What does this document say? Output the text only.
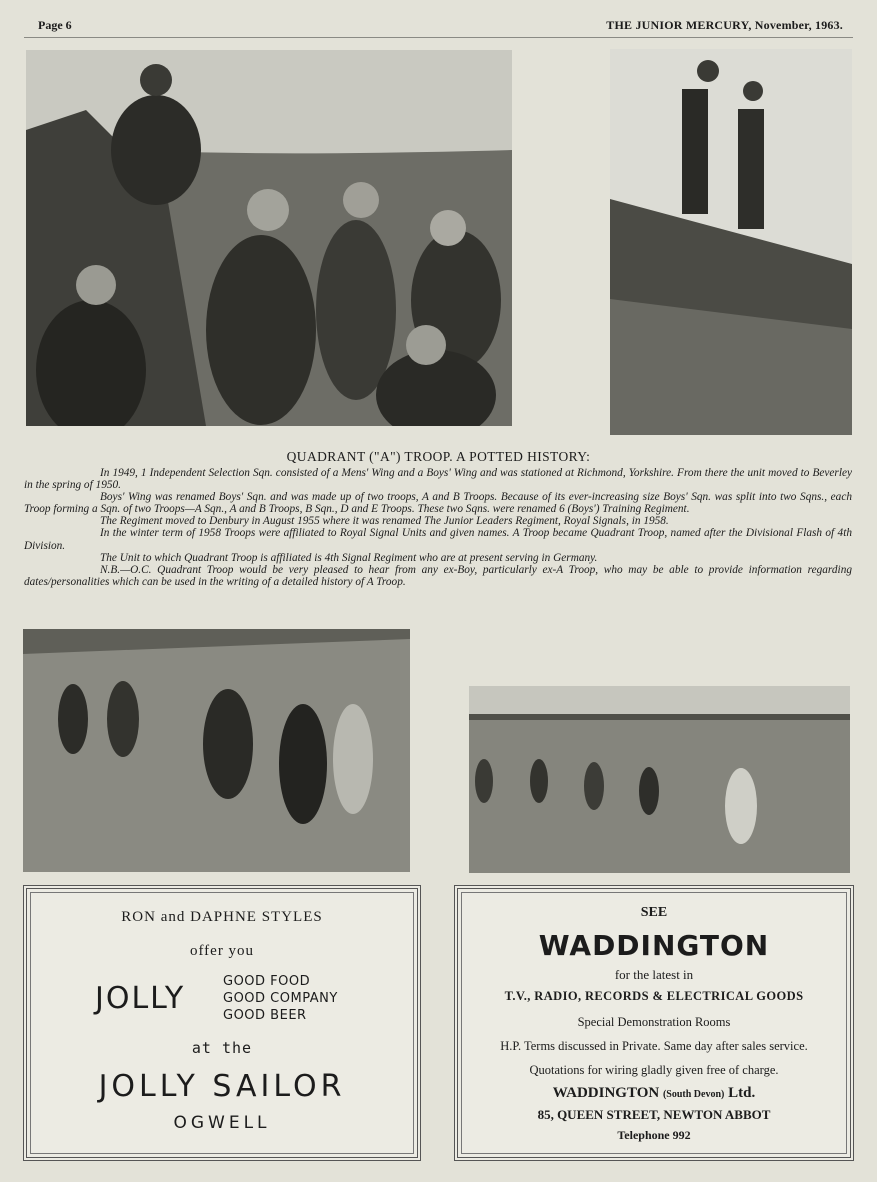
Page 6	THE JUNIOR MERCURY, November, 1963.
QUADRANT ("A") TROOP. A POTTED HISTORY:

In 1949, 1 Independent Selection Sqn. consisted of a Mens' Wing and a Boys' Wing and was stationed at Richmond, Yorkshire. From there the unit moved to Beverley in the spring of 1950.

Boys' Wing was renamed Boys' Sqn. and was made up of two troops, A and B Troops. Because of its ever-increasing size Boys' Sqn. was split into two Sqns., each Troop forming a Sqn. of two Troops—A Sqn., A and B Troops, B Sqn., D and E Troops. These two Sqns. were renamed 6 (Boys') Training Regiment.

The Regiment moved to Denbury in August 1955 where it was renamed The Junior Leaders Regiment, Royal Signals, in 1958.

In the winter term of 1958 Troops were affiliated to Royal Signal Units and given names. A Troop became Quadrant Troop, named after the Divisional Flash of 4th Division.

The Unit to which Quadrant Troop is affiliated is 4th Signal Regiment who are at present serving in Germany.

N.B.—O.C. Quadrant Troop would be very pleased to hear from any ex-Boy, particularly ex-A Troop, who may be able to provide information regarding dates/personalities which can be used in the writing of a detailed history of A Troop.

RON and DAPHNE STYLES
offer you
JOLLY	GOOD FOOD
GOOD COMPANY
GOOD BEER
at the
JOLLY SAILOR
OGWELL
SEE
WADDINGTON
for the latest in
T.V., RADIO, RECORDS & ELECTRICAL GOODS
Special Demonstration Rooms
H.P. Terms discussed in Private. Same day after sales service.
Quotations for wiring gladly given free of charge.
WADDINGTON (South Devon) Ltd.
85, QUEEN STREET, NEWTON ABBOT
Telephone 992
